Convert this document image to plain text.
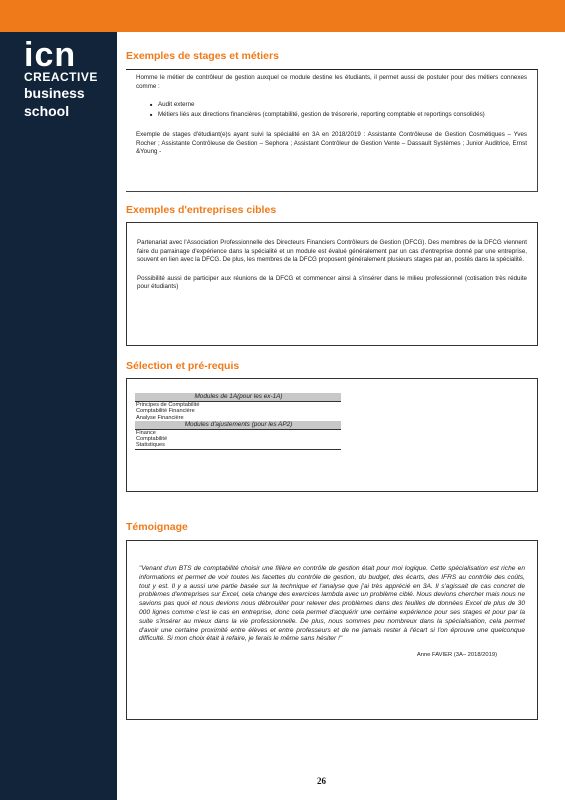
icn
CREACTIVE
business
school
Exemples de stages et métiers

Homme le métier de contrôleur de gestion auxquel ce module destine les étudiants, il permet aussi de postuler pour des métiers connexes comme :

■ Audit externe
■ Métiers liés aux directions financières (comptabilité, gestion de trésorerie, reporting comptable et reportings consolidés)

Exemple de stages d'étudiant(e)s ayant suivi la spécialité en 3A en 2018/2019 : Assistante Contrôleuse de Gestion Cosmétiques – Yves Rocher ; Assistante Contrôleuse de Gestion – Sephora ; Assistant Contrôleur de Gestion Vente – Dassault Systèmes ; Junior Auditrice, Ernst &Young -

Exemples d'entreprises cibles

Partenariat avec l'Association Professionnelle des Directeurs Financiers Contrôleurs de Gestion (DFCG). Des membres de la DFCG viennent faire du parrainage d'expérience dans la spécialité et un module est évalué généralement par un cas d'entreprise donné par une entreprise, souvent en lien avec la DFCG. De plus, les membres de la DFCG proposent généralement plusieurs stages par an, postés dans la spécialité.

Possibilité aussi de participer aux réunions de la DFCG et commencer ainsi à s'insérer dans le milieu professionnel (cotisation très réduite pour étudiants)

Sélection et pré-requis
Modules de 1A(pour les ex-1A)
Principes de Comptabilité
Comptabilité Financière
Analyse Financière
Modules d'ajustements (pour les AP2)
Finance
Comptabilité
Statistiques
Témoignage
"Venant d'un BTS de comptabilité choisir une filière en contrôle de gestion était pour moi logique. Cette spécialisation est riche en informations et permet de voir toutes les facettes du contrôle de gestion, du budget, des écarts, des IFRS au contrôle des coûts, tout y est. Il y a aussi une partie basée sur la technique et l'analyse que j'ai très apprécié en 3A. Il s'agissait de cas concret de problèmes d'entreprises sur Excel, cela change des exercices lambda avec un problème ciblé. Nous devions chercher mais nous ne savions pas quoi et nous devions nous débrouiller pour relever des problèmes dans des feuilles de données Excel de plus de 30 000 lignes comme c'est le cas en entreprise, donc cela permet d'acquérir une certaine expérience pour ses stages et pour par la suite s'insérer au mieux dans la vie professionnelle. De plus, nous sommes peu nombreux dans la spécialisation, cela permet d'avoir une certaine proximité entre élèves et entre professeurs et de ne jamais rester à l'écart si l'on éprouve une quelconque difficulté. Si mon choix était à refaire, je ferais le même sans hésiter !"
Anne FAVIER (3A– 2018/2019)
26
